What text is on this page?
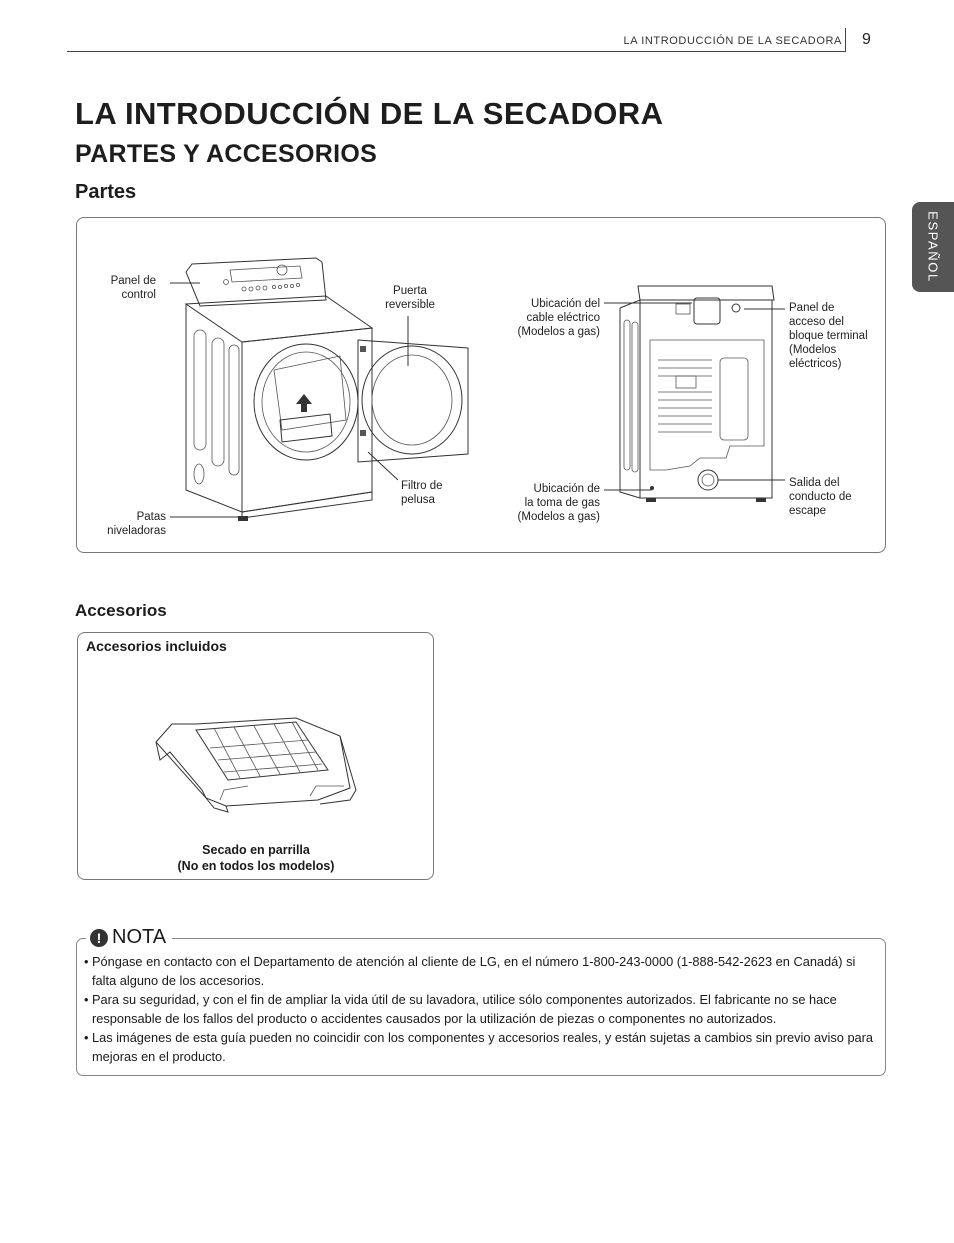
LA INTRODUCCIÓN DE LA SECADORA 9
ESPAÑOL
LA INTRODUCCIÓN DE LA SECADORA
PARTES Y ACCESORIOS
Partes
Panel de
control
Patas
niveladoras
Puerta
reversible
Filtro de
pelusa
Ubicación del
cable eléctrico
(Modelos a gas)
Ubicación de
la toma de gas
(Modelos a gas)
Panel de
acceso del
bloque terminal
(Modelos
eléctricos)
Salida del
conducto de
escape
Accesorios
Accesorios incluidos
Secado en parrilla
(No en todos los modelos)
! NOTA
• Póngase en contacto con el Departamento de atención al cliente de LG, en el número 1-800-243-0000 (1-888-542-2623 en Canadá) si falta alguno de los accesorios.
• Para su seguridad, y con el fin de ampliar la vida útil de su lavadora, utilice sólo componentes autorizados. El fabricante no se hace responsable de los fallos del producto o accidentes causados por la utilización de piezas o componentes no autorizados.
• Las imágenes de esta guía pueden no coincidir con los componentes y accesorios reales, y están sujetas a cambios sin previo aviso para mejoras en el producto.
